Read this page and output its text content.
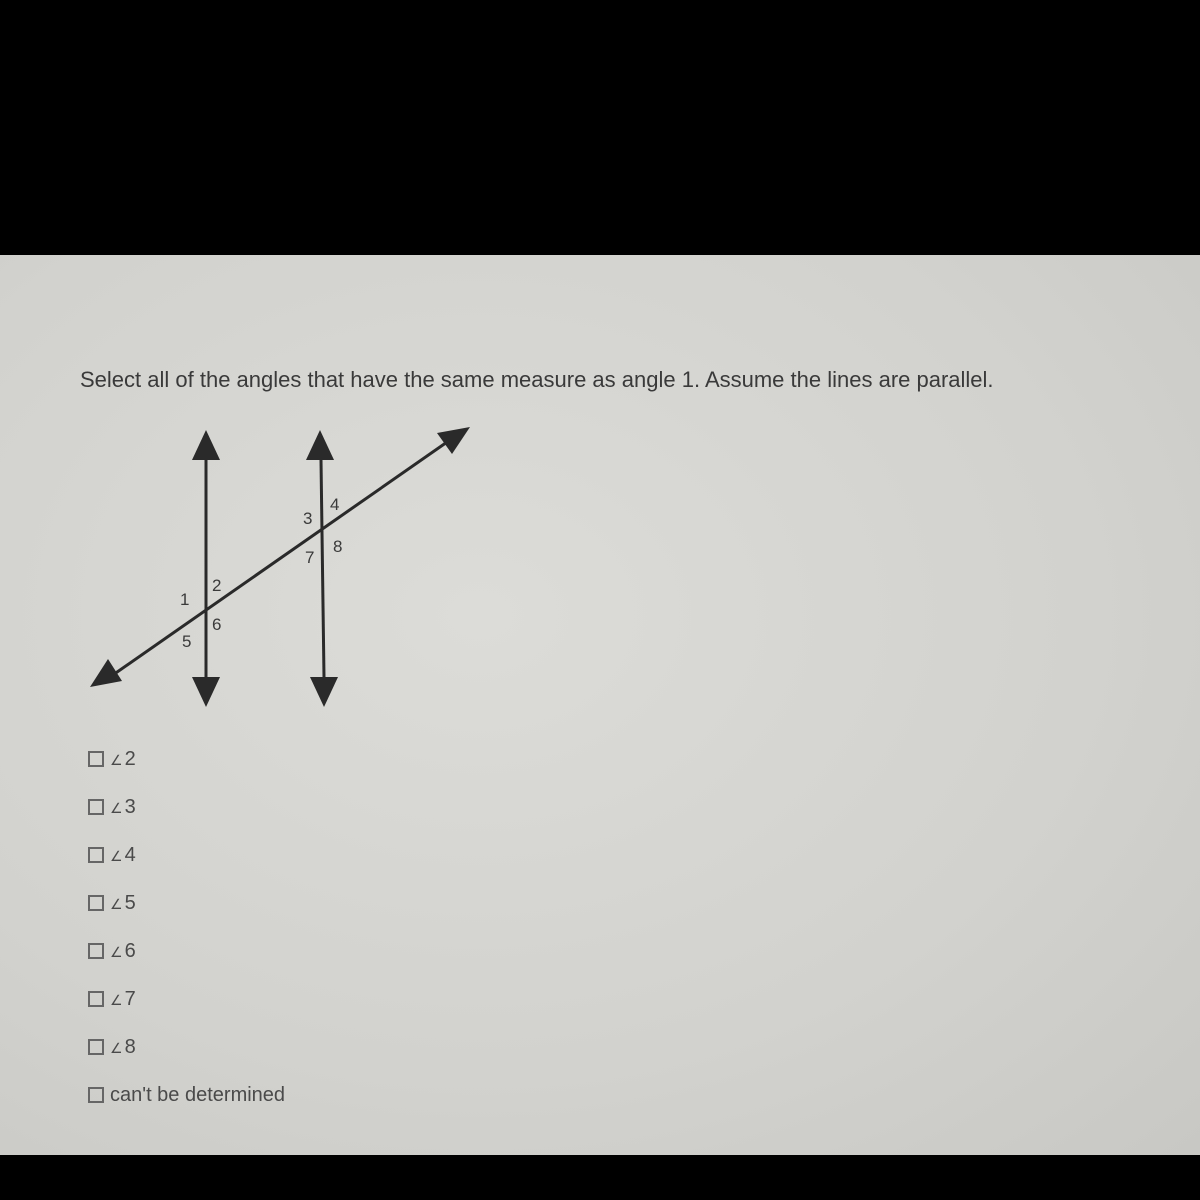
Select all of the angles that have the same measure as angle 1. Assume the lines are parallel.
1
2
3
4
5
6
7
8
∠ 2
∠ 3
∠ 4
∠ 5
∠ 6
∠ 7
∠ 8
can't be determined
